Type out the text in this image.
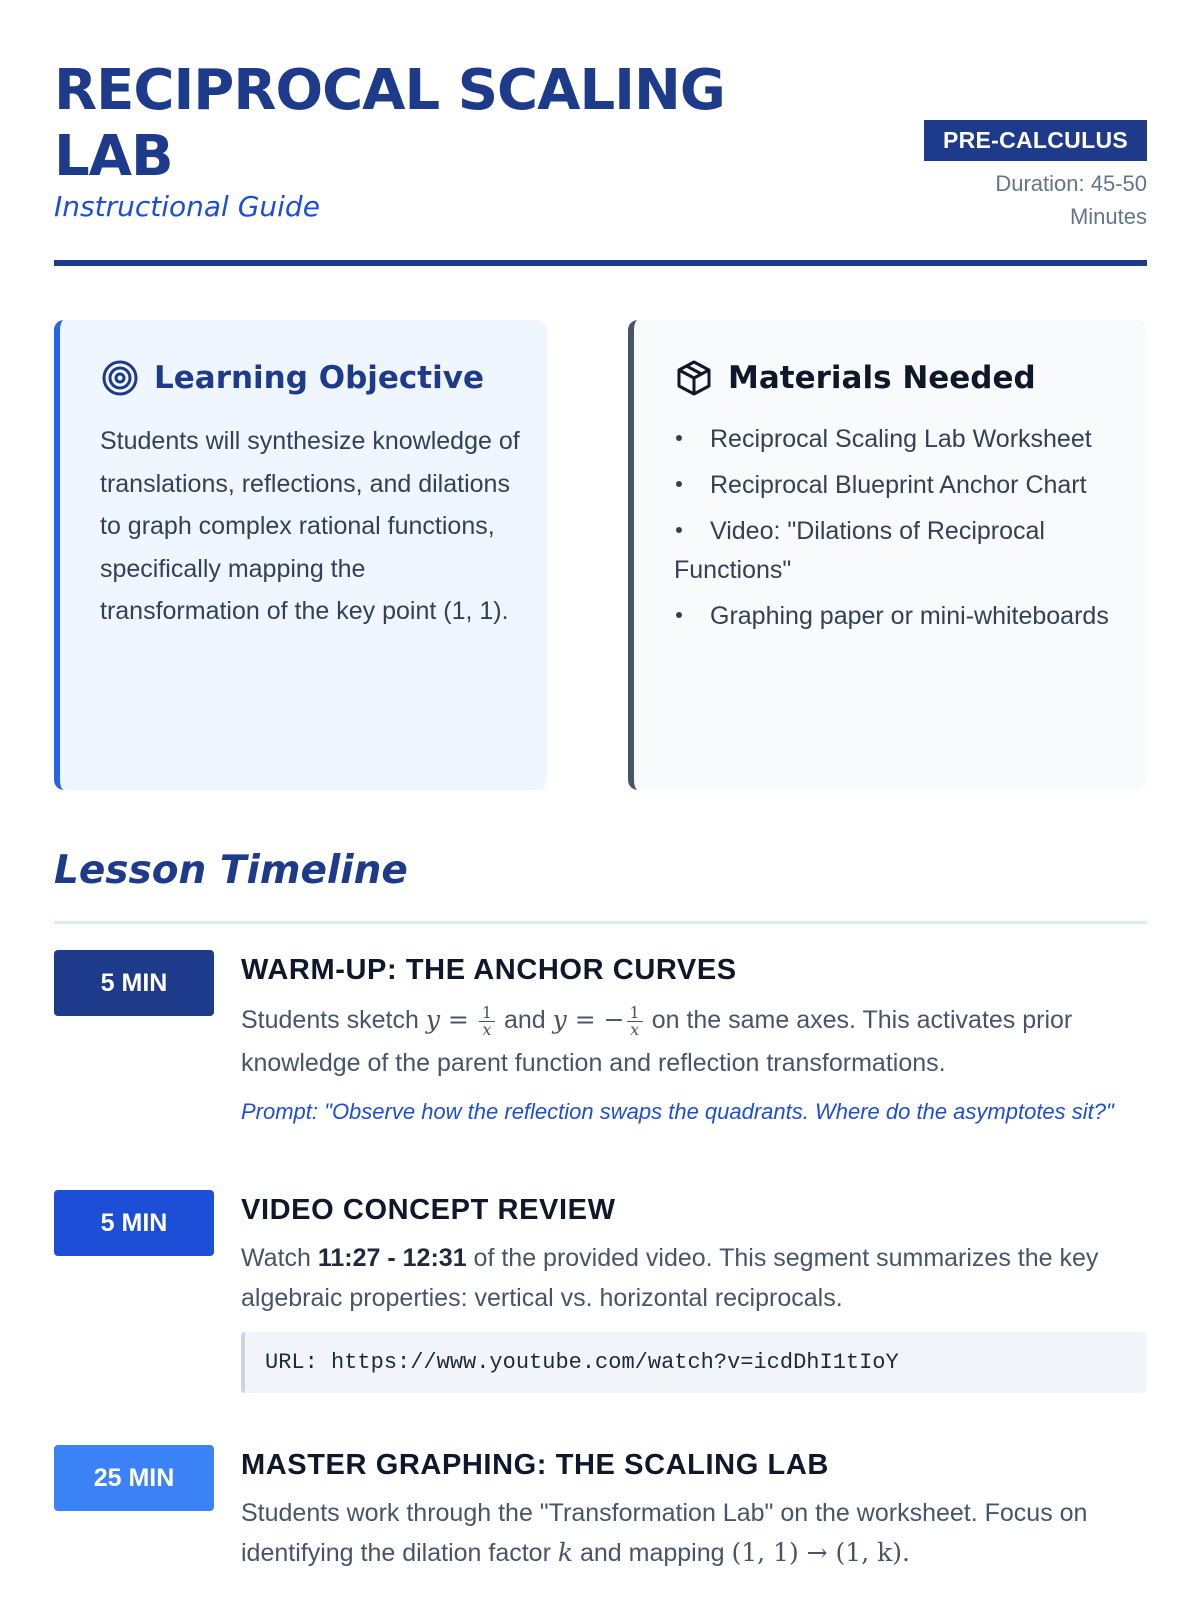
RECIPROCAL SCALING LAB
Instructional Guide
PRE-CALCULUS
Duration: 45-50 Minutes
Learning Objective

Students will synthesize knowledge of translations, reflections, and dilations to graph complex rational functions, specifically mapping the transformation of the key point (1, 1).

Materials Needed
Reciprocal Scaling Lab Worksheet
Reciprocal Blueprint Anchor Chart
Video: "Dilations of Reciprocal Functions"
Graphing paper or mini-whiteboards
Lesson Timeline
5 MIN	WARM-UP: THE ANCHOR CURVES

Students sketch $y = \frac{1}{x}$ and y = − $\frac{1}{x}$ on the same axes. This activates prior knowledge of the parent function and reflection transformations.

Prompt: "Observe how the reflection swaps the quadrants. Where do the asymptotes sit?"

5 MIN	VIDEO CONCEPT REVIEW

Watch 11:27 - 12:31 of the provided video. This segment summarizes the key algebraic properties: vertical vs. horizontal reciprocals.

URL: https://www.youtube.com/watch?v=icdDhI1tIoY
25 MIN	MASTER GRAPHING: THE SCALING LAB

Students work through the "Transformation Lab" on the worksheet. Focus on identifying the dilation factor k and mapping (1, 1) → (1, k).
